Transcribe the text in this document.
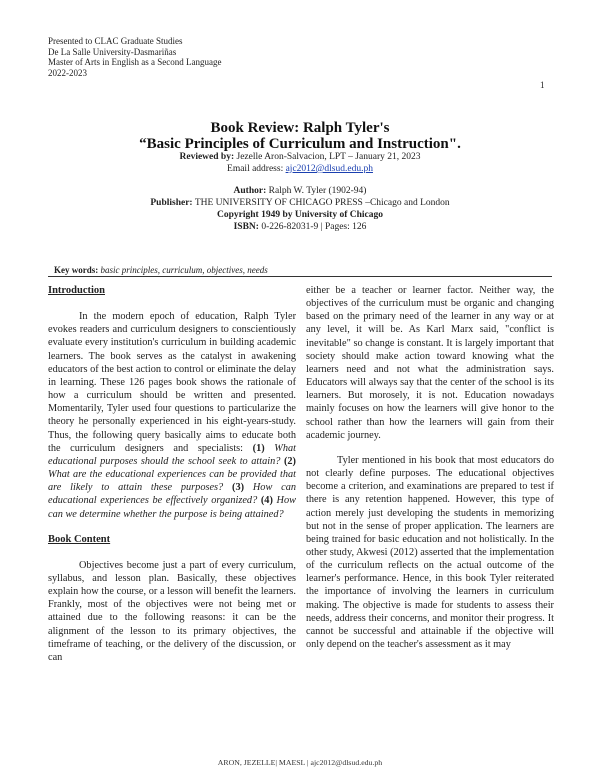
Presented to CLAC Graduate Studies
De La Salle University-Dasmariñas
Master of Arts in English as a Second Language
2022-2023
1
Book Review: Ralph Tyler's
“Basic Principles of Curriculum and Instruction".
Reviewed by: Jezelle Aron-Salvacion, LPT – January 21, 2023
Email address: ajc2012@dlsud.edu.ph
Author: Ralph W. Tyler (1902-94)
Publisher: THE UNIVERSITY OF CHICAGO PRESS –Chicago and London
Copyright 1949 by University of Chicago
ISBN: 0-226-82031-9 | Pages: 126
Key words: basic principles, curriculum, objectives, needs
Introduction

In the modern epoch of education, Ralph Tyler evokes readers and curriculum designers to conscientiously evaluate every institution's curriculum in building academic learners. The book serves as the catalyst in awakening educators of the best action to control or eliminate the delay in learning. These 126 pages book shows the rationale of how a curriculum should be written and presented. Momentarily, Tyler used four questions to particularize the theory he personally experienced in his eight-years-study. Thus, the following query basically aims to educate both the curriculum designers and specialists: (1) What educational purposes should the school seek to attain? (2) What are the educational experiences can be provided that are likely to attain these purposes? (3) How can educational experiences be effectively organized? (4) How can we determine whether the purpose is being attained?

Book Content

Objectives become just a part of every curriculum, syllabus, and lesson plan. Basically, these objectives explain how the course, or a lesson will benefit the learners. Frankly, most of the objectives were not being met or attained due to the following reasons: it can be the alignment of the lesson to its primary objectives, the timeframe of teaching, or the delivery of the discussion, or can

either be a teacher or learner factor. Neither way, the objectives of the curriculum must be organic and changing based on the primary need of the learner in any way or at any level, it will be. As Karl Marx said, "conflict is inevitable" so change is constant. It is largely important that society should make action toward knowing what the learners need and not what the administration says. Educators will always say that the center of the school is its learners. But morosely, it is not. Education nowadays mainly focuses on how the learners will give honor to the school rather than how the learners will gain from their academic journey.

Tyler mentioned in his book that most educators do not clearly define purposes. The educational objectives become a criterion, and examinations are prepared to test if there is any retention happened. However, this type of action merely just developing the students in memorizing but not in the sense of proper application. The learners are being trained for basic education and not holistically. In the other study, Akwesi (2012) asserted that the implementation of the curriculum reflects on the actual outcome of the learner's performance. Hence, in this book Tyler reiterated the importance of involving the learners in curriculum making. The objective is made for students to assess their needs, address their concerns, and monitor their progress. It cannot be successful and attainable if the objective will only depend on the teacher's assessment as it may

ARON, JEZELLE| MAESL | ajc2012@dlsud.edu.ph
